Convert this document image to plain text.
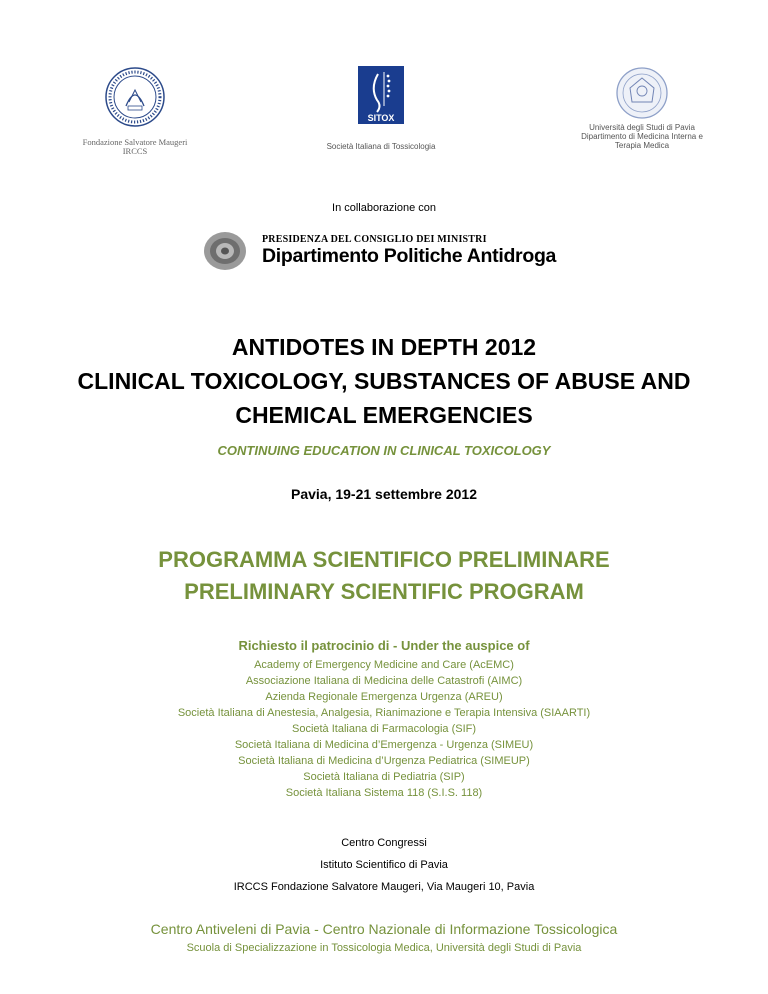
Fondazione Salvatore Maugeri
IRCCS
SITOX
Società Italiana di Tossicologia
Università degli Studi di Pavia
Dipartimento di Medicina Interna e
Terapia Medica
In collaborazione con
PRESIDENZA DEL CONSIGLIO DEI MINISTRI
Dipartimento Politiche Antidroga
ANTIDOTES IN DEPTH 2012
CLINICAL TOXICOLOGY, SUBSTANCES OF ABUSE AND
CHEMICAL EMERGENCIES
CONTINUING EDUCATION IN CLINICAL TOXICOLOGY
Pavia, 19-21 settembre 2012
PROGRAMMA SCIENTIFICO PRELIMINARE
PRELIMINARY SCIENTIFIC PROGRAM
Richiesto il patrocinio di - Under the auspice of
Academy of Emergency Medicine and Care (AcEMC)
Associazione Italiana di Medicina delle Catastrofi (AIMC)
Azienda Regionale Emergenza Urgenza (AREU)
Società Italiana di Anestesia, Analgesia, Rianimazione e Terapia Intensiva (SIAARTI)
Società Italiana di Farmacologia (SIF)
Società Italiana di Medicina d’Emergenza - Urgenza (SIMEU)
Società Italiana di Medicina d’Urgenza Pediatrica (SIMEUP)
Società Italiana di Pediatria (SIP)
Società Italiana Sistema 118 (S.I.S. 118)
Centro Congressi
Istituto Scientifico di Pavia
IRCCS Fondazione Salvatore Maugeri, Via Maugeri 10, Pavia
Centro Antiveleni di Pavia - Centro Nazionale di Informazione Tossicologica
Scuola di Specializzazione in Tossicologia Medica, Università degli Studi di Pavia
